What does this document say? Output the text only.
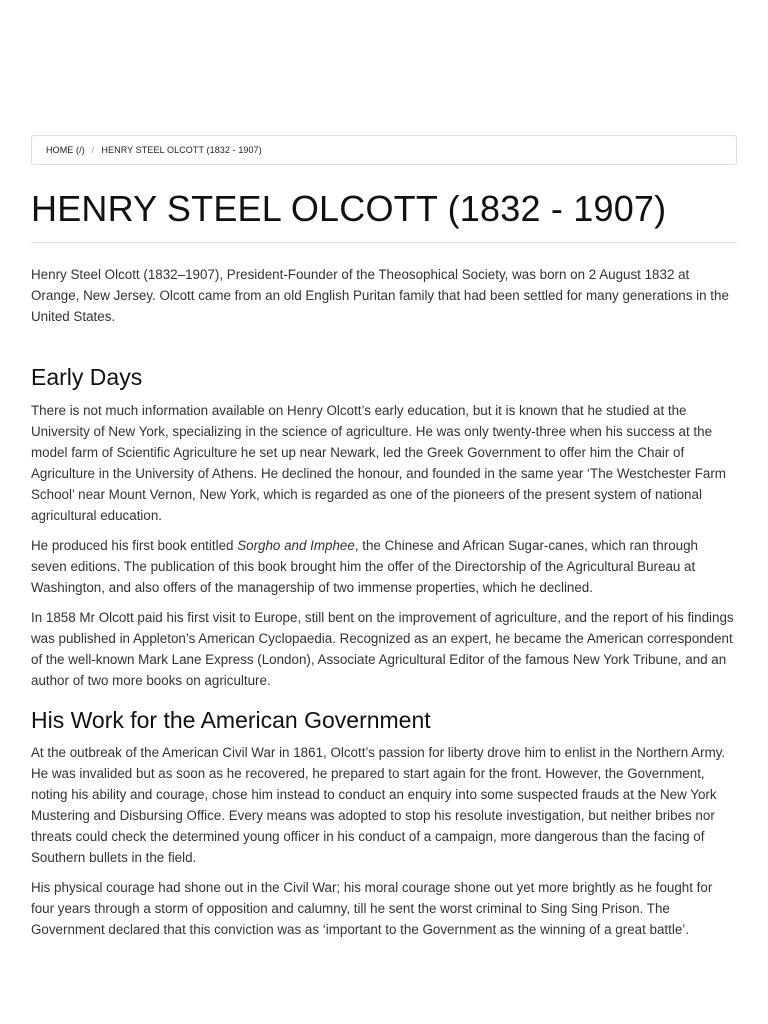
HOME (/) / HENRY STEEL OLCOTT (1832 - 1907)
HENRY STEEL OLCOTT (1832 - 1907)

Henry Steel Olcott (1832–1907), President-Founder of the Theosophical Society, was born on 2 August 1832 at Orange, New Jersey. Olcott came from an old English Puritan family that had been settled for many generations in the United States.

Early Days

There is not much information available on Henry Olcott’s early education, but it is known that he studied at the University of New York, specializing in the science of agriculture. He was only twenty-three when his success at the model farm of Scientific Agriculture he set up near Newark, led the Greek Government to offer him the Chair of Agriculture in the University of Athens. He declined the honour, and founded in the same year ‘The Westchester Farm School’ near Mount Vernon, New York, which is regarded as one of the pioneers of the present system of national agricultural education.

He produced his first book entitled Sorgho and Imphee, the Chinese and African Sugar-canes, which ran through seven editions. The publication of this book brought him the offer of the Directorship of the Agricultural Bureau at Washington, and also offers of the managership of two immense properties, which he declined.

In 1858 Mr Olcott paid his first visit to Europe, still bent on the improvement of agriculture, and the report of his findings was published in Appleton’s American Cyclopaedia. Recognized as an expert, he became the American correspondent of the well-known Mark Lane Express (London), Associate Agricultural Editor of the famous New York Tribune, and an author of two more books on agriculture.

His Work for the American Government

At the outbreak of the American Civil War in 1861, Olcott’s passion for liberty drove him to enlist in the Northern Army. He was invalided but as soon as he recovered, he prepared to start again for the front. However, the Government, noting his ability and courage, chose him instead to conduct an enquiry into some suspected frauds at the New York Mustering and Disbursing Office. Every means was adopted to stop his resolute investigation, but neither bribes nor threats could check the determined young officer in his conduct of a campaign, more dangerous than the facing of Southern bullets in the field.

His physical courage had shone out in the Civil War; his moral courage shone out yet more brightly as he fought for four years through a storm of opposition and calumny, till he sent the worst criminal to Sing Sing Prison. The Government declared that this conviction was as ‘important to the Government as the winning of a great battle’.
